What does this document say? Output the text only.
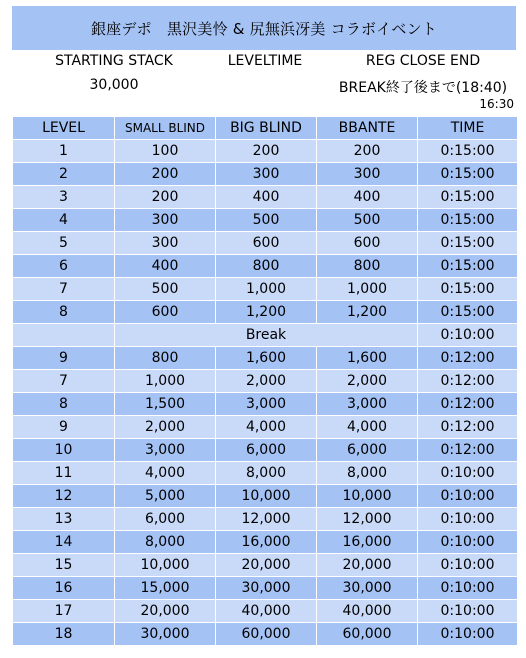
銀座デポ　黒沢美怜 & 尻無浜冴美 コラボイベント
STARTING STACK
30,000
LEVELTIME	REG CLOSE END
BREAK終了後まで(18:40)
16:30
LEVEL	SMALL BLIND	BIG BLIND	BBANTE	TIME
1	100	200	200	0:15:00
2	200	300	300	0:15:00
3	200	400	400	0:15:00
4	300	500	500	0:15:00
5	300	600	600	0:15:00
6	400	800	800	0:15:00
7	500	1,000	1,000	0:15:00
8	600	1,200	1,200	0:15:00
	Break			0:10:00
9	800	1,600	1,600	0:12:00
7	1,000	2,000	2,000	0:12:00
8	1,500	3,000	3,000	0:12:00
9	2,000	4,000	4,000	0:12:00
10	3,000	6,000	6,000	0:12:00
11	4,000	8,000	8,000	0:10:00
12	5,000	10,000	10,000	0:10:00
13	6,000	12,000	12,000	0:10:00
14	8,000	16,000	16,000	0:10:00
15	10,000	20,000	20,000	0:10:00
16	15,000	30,000	30,000	0:10:00
17	20,000	40,000	40,000	0:10:00
18	30,000	60,000	60,000	0:10:00
